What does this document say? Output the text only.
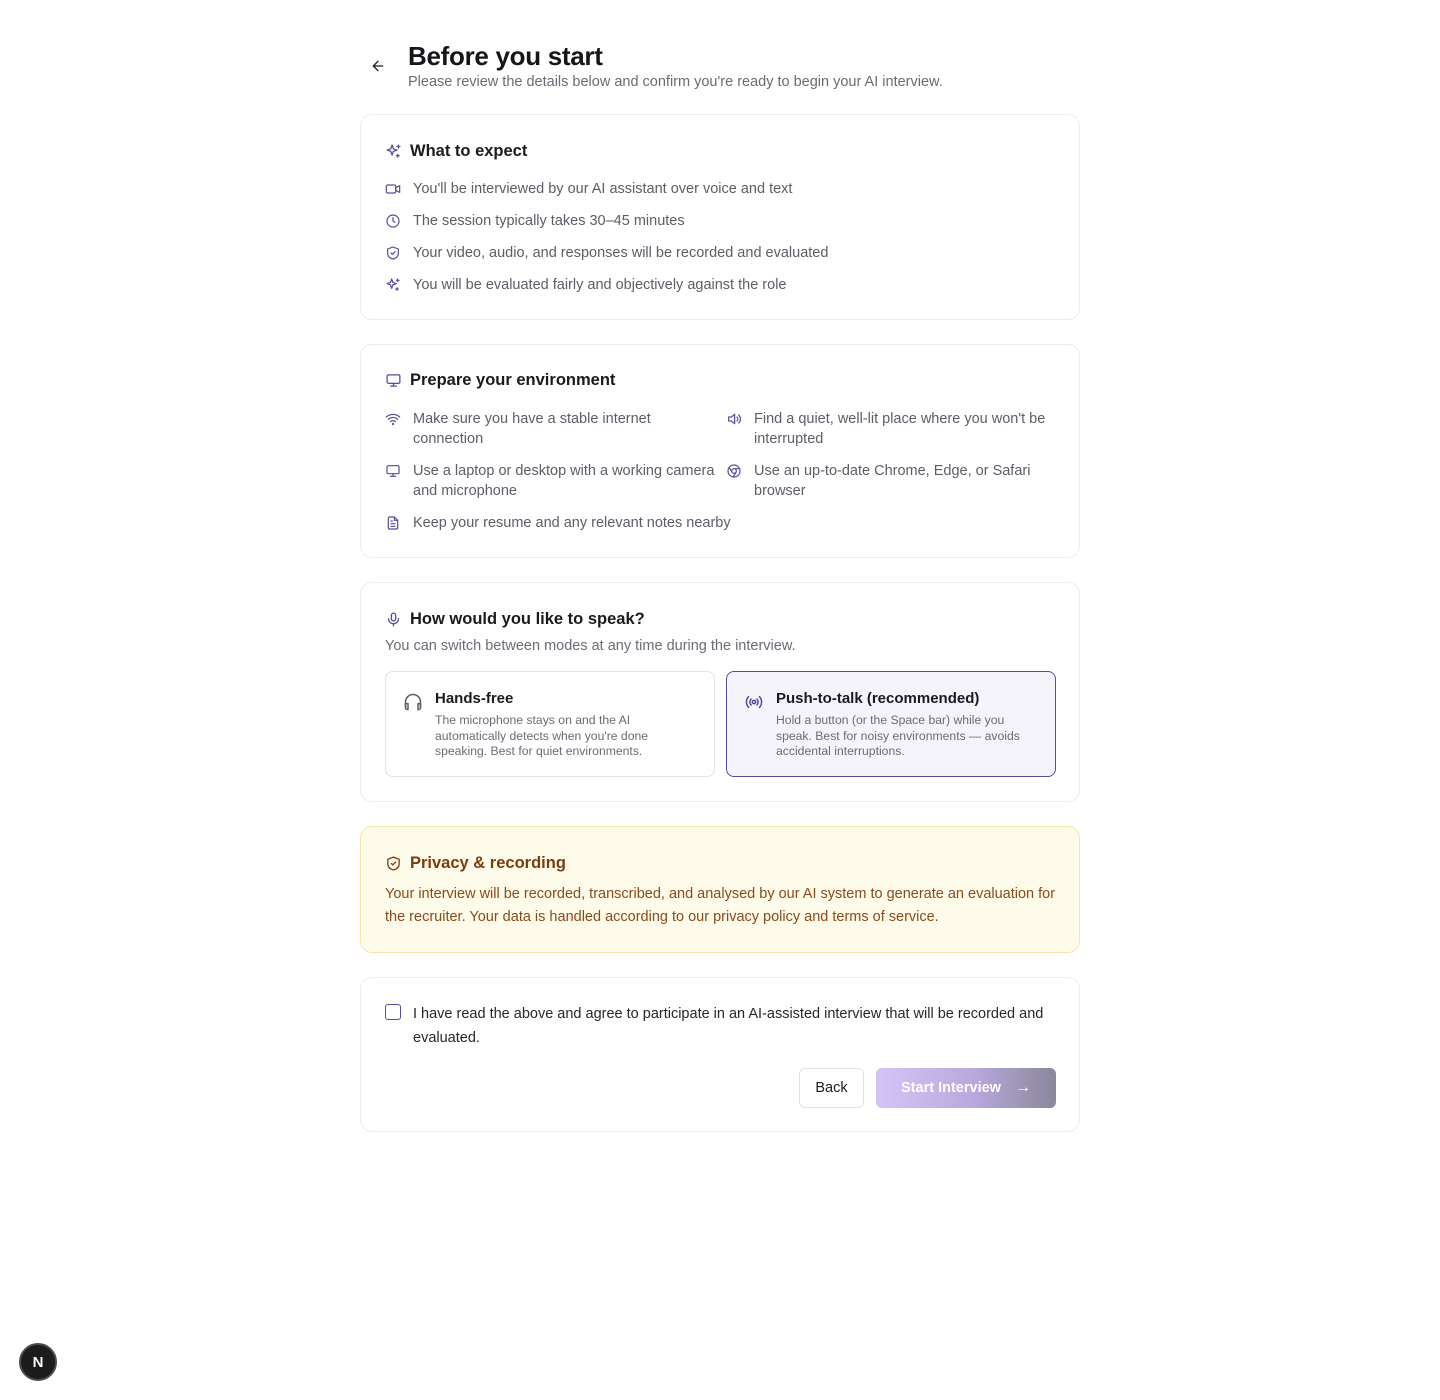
Before you start
Please review the details below and confirm you're ready to begin your AI interview.
What to expect
You'll be interviewed by our AI assistant over voice and text
The session typically takes 30–45 minutes
Your video, audio, and responses will be recorded and evaluated
You will be evaluated fairly and objectively against the role
Prepare your environment
Make sure you have a stable internet connection
Find a quiet, well-lit place where you won't be interrupted
Use a laptop or desktop with a working camera and microphone
Use an up-to-date Chrome, Edge, or Safari browser
Keep your resume and any relevant notes nearby
How would you like to speak?
You can switch between modes at any time during the interview.
Hands-free
The microphone stays on and the AI automatically detects when you're done speaking. Best for quiet environments.
Push-to-talk (recommended)
Hold a button (or the Space bar) while you speak. Best for noisy environments — avoids accidental interruptions.
Privacy & recording
Your interview will be recorded, transcribed, and analysed by our AI system to generate an evaluation for the recruiter. Your data is handled according to our privacy policy and terms of service.
I have read the above and agree to participate in an AI-assisted interview that will be recorded and evaluated.
Back	Start Interview →
N
